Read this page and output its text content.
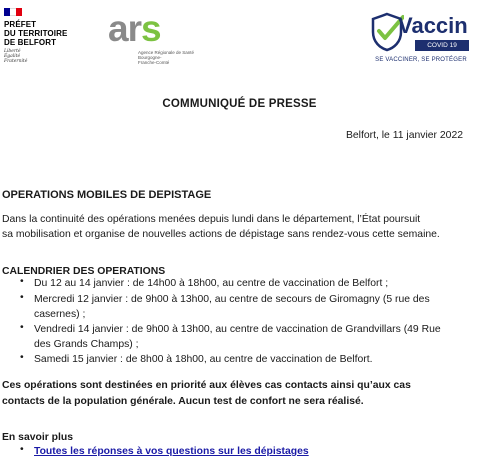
PRÉFET
DU TERRITOIRE
DE BELFORT
Liberté
Égalité
Fraternité
ars
Agence Régionale de Santé
Bourgogne-
Franche-Comté
Vaccin
COVID 19
SE VACCINER, SE PROTÉGER
COMMUNIQUÉ DE PRESSE
Belfort, le 11 janvier 2022
OPERATIONS MOBILES DE DEPISTAGE
Dans la continuité des opérations menées depuis lundi dans le département, l’État poursuit
sa mobilisation et organise de nouvelles actions de dépistage sans rendez-vous cette semaine.
CALENDRIER DES OPERATIONS
• Du 12 au 14 janvier : de 14h00 à 18h00, au centre de vaccination de Belfort ;
• Mercredi 12 janvier : de 9h00 à 13h00, au centre de secours de Giromagny (5 rue des
casernes) ;
• Vendredi 14 janvier : de 9h00 à 13h00, au centre de vaccination de Grandvillars (49 Rue
des Grands Champs) ;
• Samedi 15 janvier : de 8h00 à 18h00, au centre de vaccination de Belfort.
Ces opérations sont destinées en priorité aux élèves cas contacts ainsi qu’aux cas
contacts de la population générale. Aucun test de confort ne sera réalisé.
En savoir plus
• Toutes les réponses à vos questions sur les dépistages
